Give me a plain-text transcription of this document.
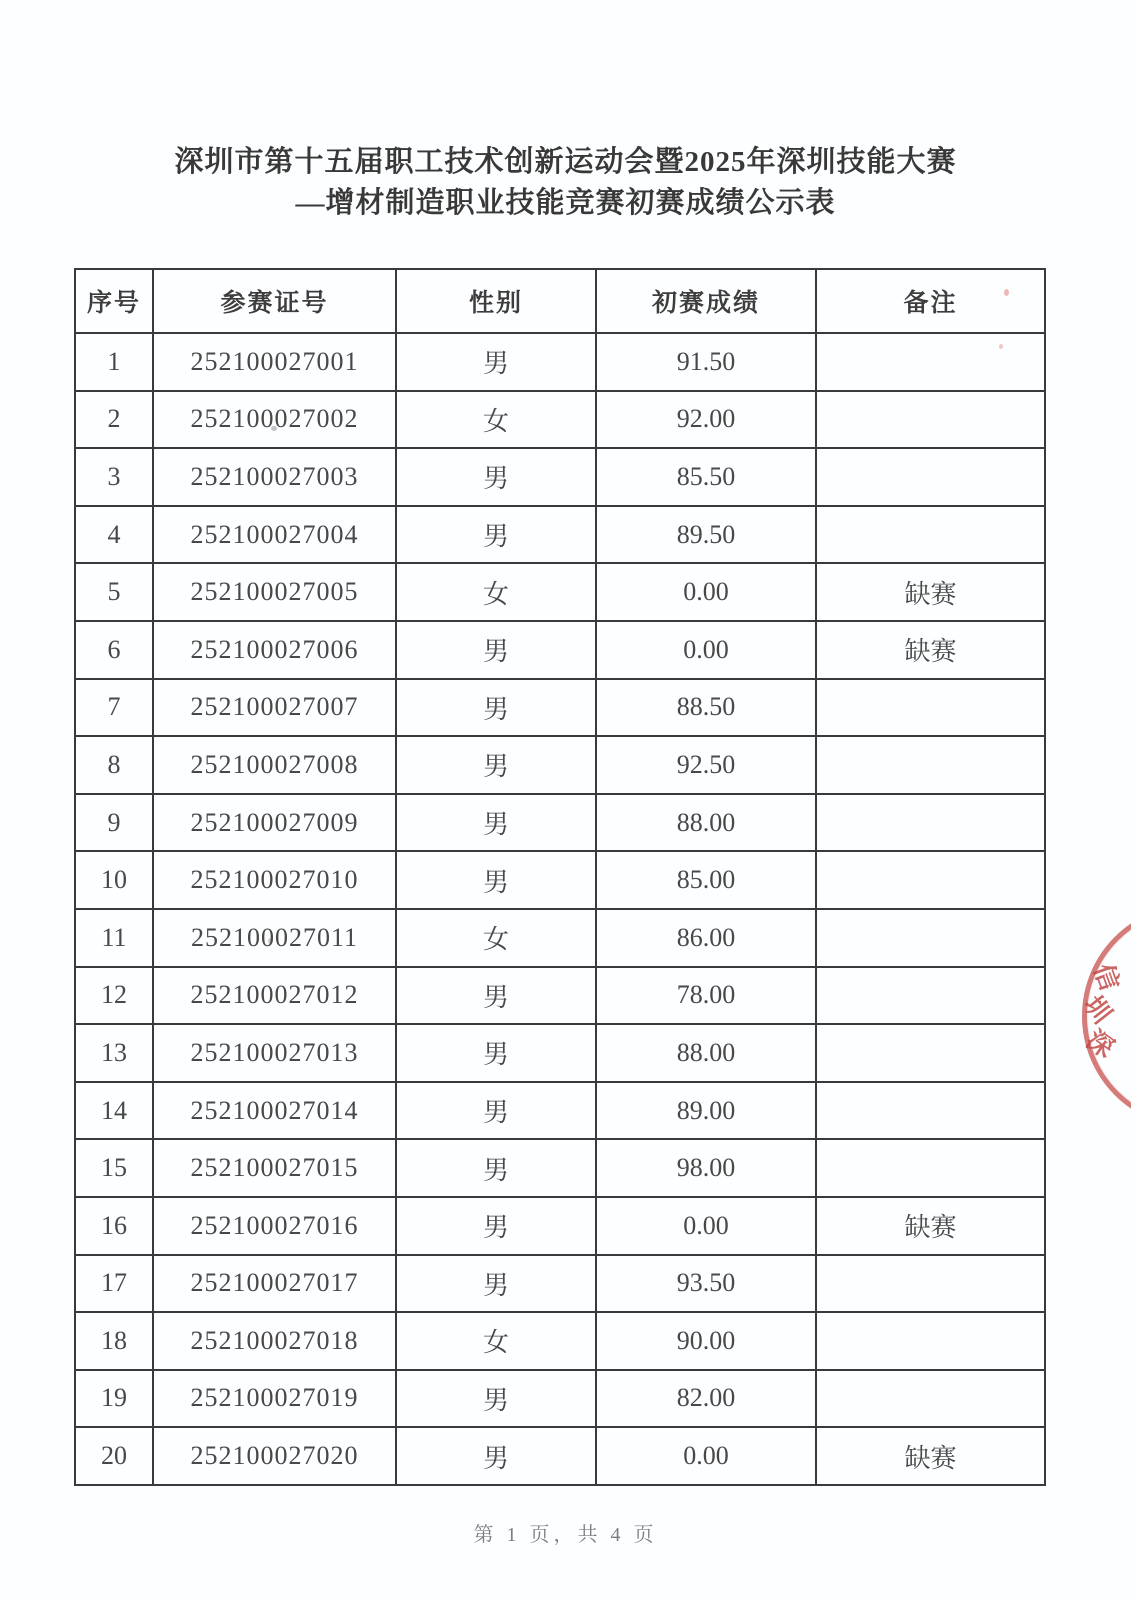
深圳市第十五届职工技术创新运动会暨2025年深圳技能大赛
—增材制造职业技能竞赛初赛成绩公示表
序号	参赛证号	性别	初赛成绩	备注
1	252100027001	男	91.50	
2	252100027002	女	92.00	
3	252100027003	男	85.50	
4	252100027004	男	89.50	
5	252100027005	女	0.00	缺赛
6	252100027006	男	0.00	缺赛
7	252100027007	男	88.50	
8	252100027008	男	92.50	
9	252100027009	男	88.00	
10	252100027010	男	85.00	
11	252100027011	女	86.00	
12	252100027012	男	78.00	
13	252100027013	男	88.00	
14	252100027014	男	89.00	
15	252100027015	男	98.00	
16	252100027016	男	0.00	缺赛
17	252100027017	男	93.50	
18	252100027018	女	90.00	
19	252100027019	男	82.00	
20	252100027020	男	0.00	缺赛
深
圳
信
第 1 页，共 4 页
